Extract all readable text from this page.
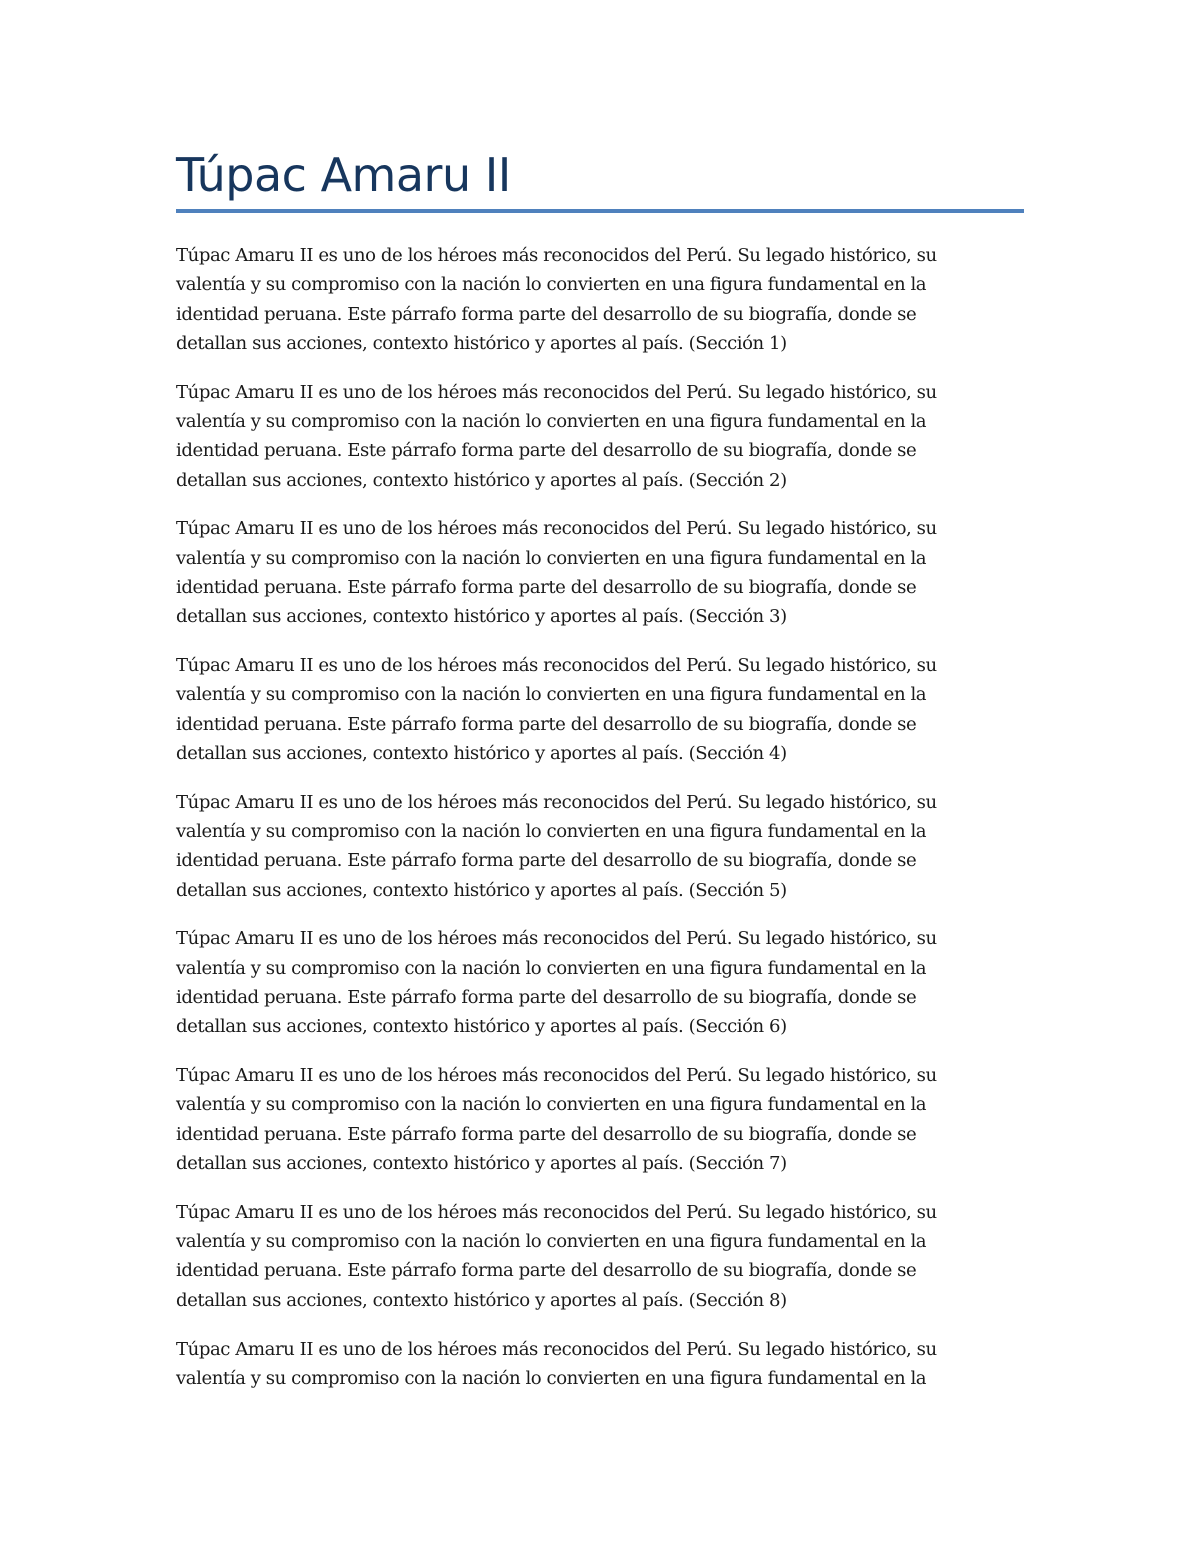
Túpac Amaru II

Túpac Amaru II es uno de los héroes más reconocidos del Perú. Su legado histórico, su
valentía y su compromiso con la nación lo convierten en una figura fundamental en la
identidad peruana. Este párrafo forma parte del desarrollo de su biografía, donde se
detallan sus acciones, contexto histórico y aportes al país. (Sección 1)

Túpac Amaru II es uno de los héroes más reconocidos del Perú. Su legado histórico, su
valentía y su compromiso con la nación lo convierten en una figura fundamental en la
identidad peruana. Este párrafo forma parte del desarrollo de su biografía, donde se
detallan sus acciones, contexto histórico y aportes al país. (Sección 2)

Túpac Amaru II es uno de los héroes más reconocidos del Perú. Su legado histórico, su
valentía y su compromiso con la nación lo convierten en una figura fundamental en la
identidad peruana. Este párrafo forma parte del desarrollo de su biografía, donde se
detallan sus acciones, contexto histórico y aportes al país. (Sección 3)

Túpac Amaru II es uno de los héroes más reconocidos del Perú. Su legado histórico, su
valentía y su compromiso con la nación lo convierten en una figura fundamental en la
identidad peruana. Este párrafo forma parte del desarrollo de su biografía, donde se
detallan sus acciones, contexto histórico y aportes al país. (Sección 4)

Túpac Amaru II es uno de los héroes más reconocidos del Perú. Su legado histórico, su
valentía y su compromiso con la nación lo convierten en una figura fundamental en la
identidad peruana. Este párrafo forma parte del desarrollo de su biografía, donde se
detallan sus acciones, contexto histórico y aportes al país. (Sección 5)

Túpac Amaru II es uno de los héroes más reconocidos del Perú. Su legado histórico, su
valentía y su compromiso con la nación lo convierten en una figura fundamental en la
identidad peruana. Este párrafo forma parte del desarrollo de su biografía, donde se
detallan sus acciones, contexto histórico y aportes al país. (Sección 6)

Túpac Amaru II es uno de los héroes más reconocidos del Perú. Su legado histórico, su
valentía y su compromiso con la nación lo convierten en una figura fundamental en la
identidad peruana. Este párrafo forma parte del desarrollo de su biografía, donde se
detallan sus acciones, contexto histórico y aportes al país. (Sección 7)

Túpac Amaru II es uno de los héroes más reconocidos del Perú. Su legado histórico, su
valentía y su compromiso con la nación lo convierten en una figura fundamental en la
identidad peruana. Este párrafo forma parte del desarrollo de su biografía, donde se
detallan sus acciones, contexto histórico y aportes al país. (Sección 8)

Túpac Amaru II es uno de los héroes más reconocidos del Perú. Su legado histórico, su
valentía y su compromiso con la nación lo convierten en una figura fundamental en la
